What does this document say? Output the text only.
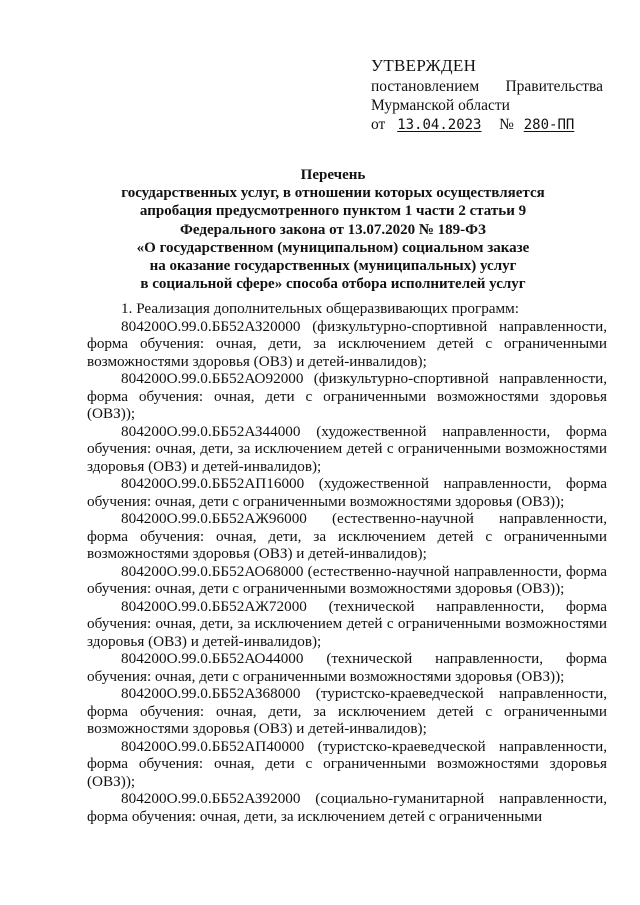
УТВЕРЖДЕН
постановлением Правительства
Мурманской области
от 13.04.2023 № 280-ПП
Перечень
государственных услуг, в отношении которых осуществляется
апробация предусмотренного пунктом 1 части 2 статьи 9
Федерального закона от 13.07.2020 № 189-ФЗ
«О государственном (муниципальном) социальном заказе
на оказание государственных (муниципальных) услуг
в социальной сфере» способа отбора исполнителей услуг

1. Реализация дополнительных общеразвивающих программ:

804200О.99.0.ББ52АЗ20000 (физкультурно-спортивной направленности, форма обучения: очная, дети, за исключением детей с ограниченными возможностями здоровья (ОВЗ) и детей-инвалидов);

804200О.99.0.ББ52АО92000 (физкультурно-спортивной направленности, форма обучения: очная, дети с ограниченными возможностями здоровья (ОВЗ));

804200О.99.0.ББ52АЗ44000 (художественной направленности, форма обучения: очная, дети, за исключением детей с ограниченными возможностями здоровья (ОВЗ) и детей-инвалидов);

804200О.99.0.ББ52АП16000 (художественной направленности, форма обучения: очная, дети с ограниченными возможностями здоровья (ОВЗ));

804200О.99.0.ББ52АЖ96000 (естественно-научной направленности, форма обучения: очная, дети, за исключением детей с ограниченными возможностями здоровья (ОВЗ) и детей-инвалидов);

804200О.99.0.ББ52АО68000 (естественно-научной направленности, форма обучения: очная, дети с ограниченными возможностями здоровья (ОВЗ));

804200О.99.0.ББ52АЖ72000 (технической направленности, форма обучения: очная, дети, за исключением детей с ограниченными возможностями здоровья (ОВЗ) и детей-инвалидов);

804200О.99.0.ББ52АО44000 (технической направленности, форма обучения: очная, дети с ограниченными возможностями здоровья (ОВЗ));

804200О.99.0.ББ52АЗ68000 (туристско-краеведческой направленности, форма обучения: очная, дети, за исключением детей с ограниченными возможностями здоровья (ОВЗ) и детей-инвалидов);

804200О.99.0.ББ52АП40000 (туристско-краеведческой направленности, форма обучения: очная, дети с ограниченными возможностями здоровья (ОВЗ));

804200О.99.0.ББ52АЗ92000 (социально-гуманитарной направленности, форма обучения: очная, дети, за исключением детей с ограниченными
